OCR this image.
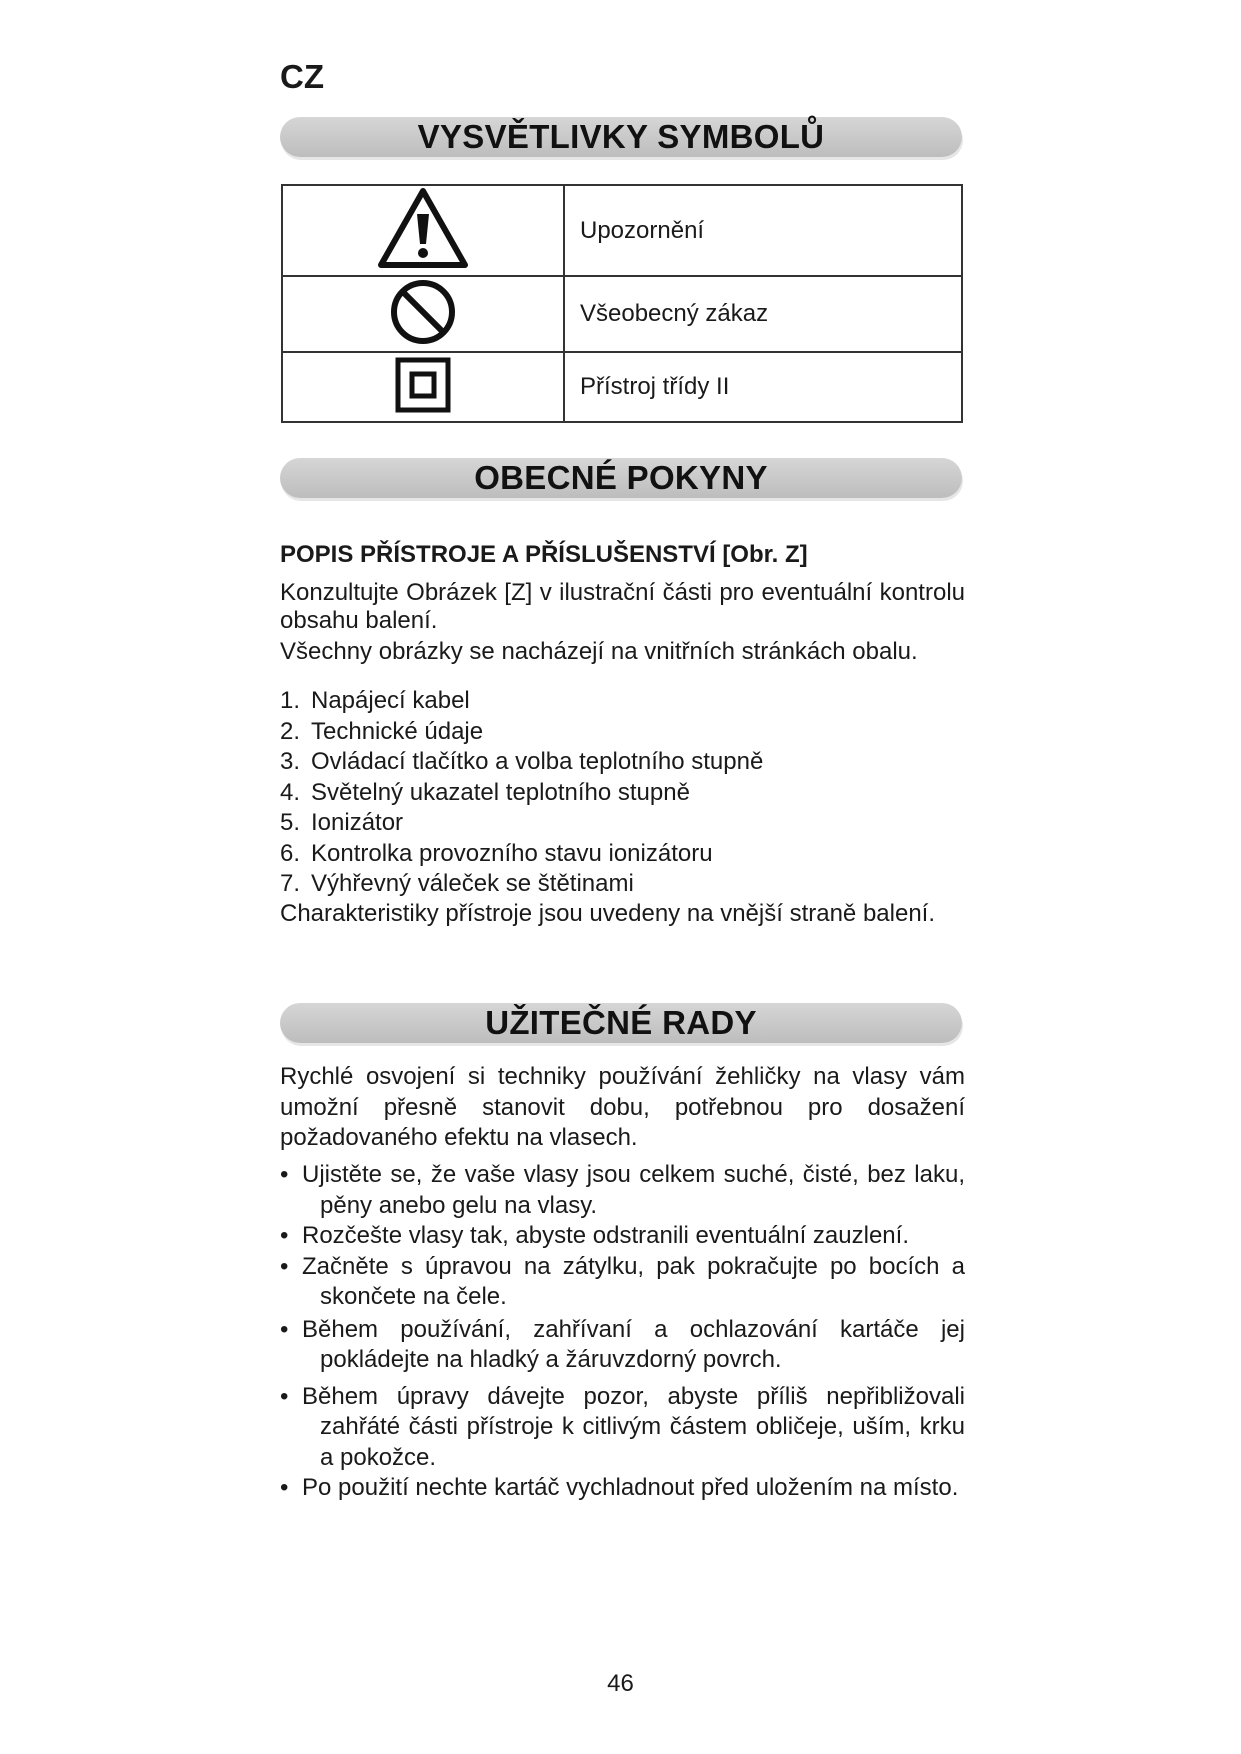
CZ
VYSVĚTLIVKY SYMBOLŮ
	Upozornění
	Všeobecný zákaz
	Přístroj třídy II
OBECNÉ POKYNY
POPIS PŘÍSTROJE A PŘÍSLUŠENSTVÍ [Obr. Z]
Konzultujte Obrázek [Z] v ilustrační části pro eventuální kontrolu obsahu balení.
Všechny obrázky se nacházejí na vnitřních stránkách obalu.
1. Napájecí kabel
2. Technické údaje
3. Ovládací tlačítko a volba teplotního stupně
4. Světelný ukazatel teplotního stupně
5. Ionizátor
6. Kontrolka provozního stavu ionizátoru
7. Výhřevný váleček se štětinami
Charakteristiky přístroje jsou uvedeny na vnější straně balení.
UŽITEČNÉ RADY
Rychlé osvojení si techniky používání žehličky na vlasy vám umožní přesně stanovit dobu, potřebnou pro dosažení požadovaného efektu na vlasech.
• Ujistěte se, že vaše vlasy jsou celkem suché, čisté, bez laku, pěny anebo gelu na vlasy.
• Rozčešte vlasy tak, abyste odstranili eventuální zauzlení.
• Začněte s úpravou na zátylku, pak pokračujte po bocích a skončete na čele.
• Během používání, zahřívaní a ochlazování kartáče jej pokládejte na hladký a žáruvzdorný povrch.
• Během úpravy dávejte pozor, abyste příliš nepřibližovali zahřáté části přístroje k citlivým částem obličeje, uším, krku a pokožce.
• Po použití nechte kartáč vychladnout před uložením na místo.
46
